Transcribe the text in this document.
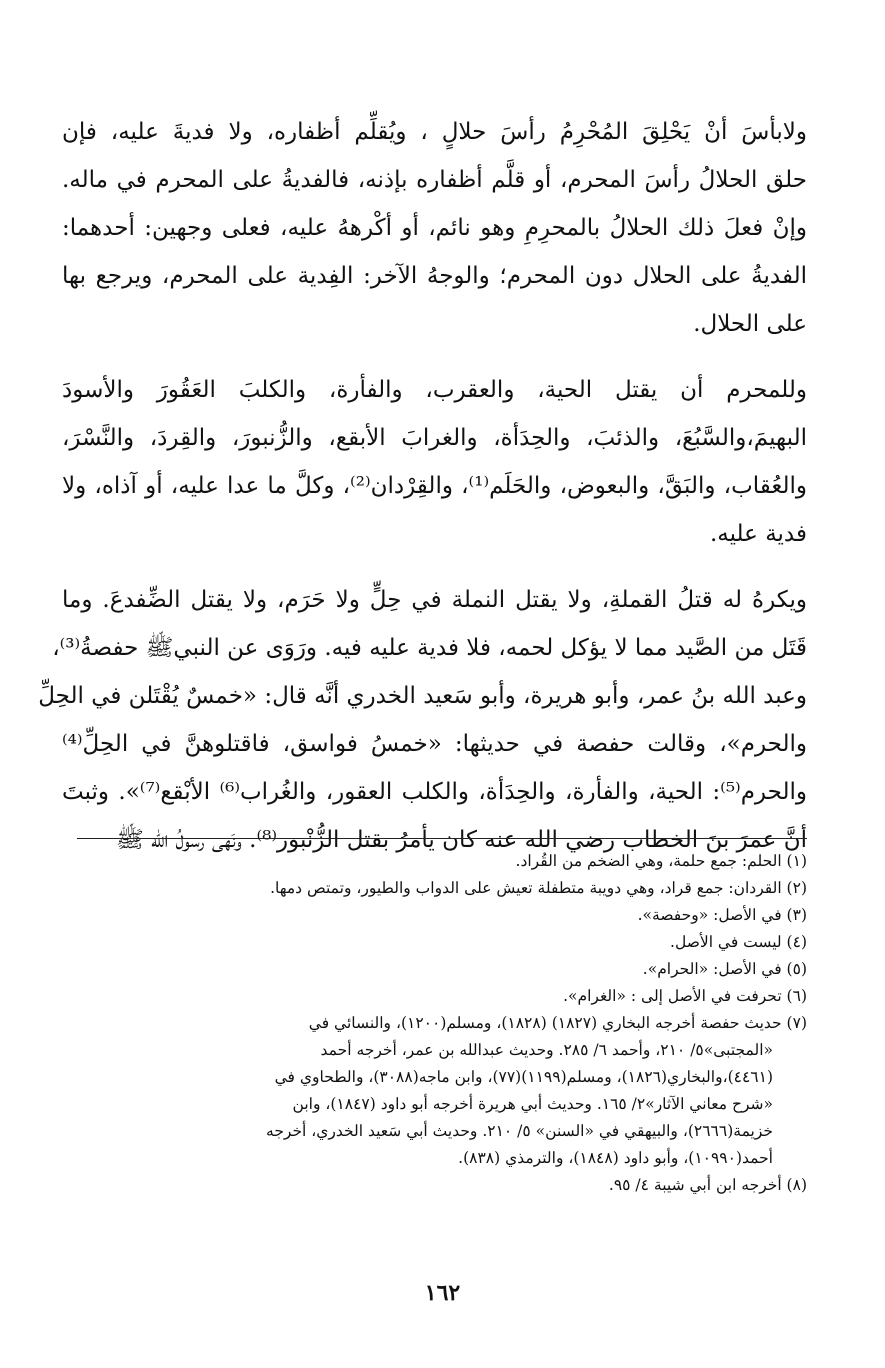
ولابأسَ أنْ يَحْلِقَ المُحْرِمُ رأسَ حلالٍ ، ويُقلِّم أظفاره، ولا فديةَ عليه، فإن
حلق الحلالُ رأسَ المحرم، أو قلَّم أظفاره بإذنه، فالفديةُ على المحرم في ماله.
وإنْ فعلَ ذلك الحلالُ بالمحرِمِ وهو نائم، أو أكْرههُ عليه، فعلى وجهين: أحدهما:
الفديةُ على الحلال دون المحرم؛ والوجهُ الآخر: الفِدية على المحرم، ويرجع بها
على الحلال.

وللمحرم أن يقتل الحية، والعقرب، والفأرة، والكلبَ العَقُورَ والأسودَ
البهيمَ،والسَّبُعَ، والذئبَ، والحِدَأة، والغرابَ الأبقع، والزُّنبورَ، والقِردَ، والنَّسْرَ،
والعُقاب، والبَقَّ، والبعوض، والحَلَم⁽¹⁾، والقِرْدان⁽²⁾، وكلَّ ما عدا عليه، أو آذاه، ولا
فدية عليه.

ويكرهُ له قتلُ القملةِ، ولا يقتل النملة في حِلٍّ ولا حَرَم، ولا يقتل الضِّفدعَ. وما
قَتَل من الصَّيد مما لا يؤكل لحمه، فلا فدية عليه فيه. ورَوَى عن النبيﷺ حفصةُ⁽³⁾،
وعبد الله بنُ عمر، وأبو هريرة، وأبو سَعيد الخدري أنَّه قال: «خمسٌ يُقْتَلن في الحِلِّ
والحرم»، وقالت حفصة في حديثها: «خمسُ فواسق، فاقتلوهنَّ في الحِلِّ⁽⁴⁾
والحرم⁽⁵⁾: الحية، والفأرة، والحِدَأة، والكلب العقور، والغُراب⁽⁶⁾ الأبْقع⁽⁷⁾». وثبتَ
أنَّ عمرَ بنَ الخطاب رضي الله عنه كان يأمرُ بقتل الزُّنْبور⁽⁸⁾. ونَهى رسولُ الله ﷺ

(١) الحلم: جمع حلمة، وهي الضخم من القُراد.
(٢) القردان: جمع قراد، وهي دويبة متطفلة تعيش على الدواب والطيور، وتمتص دمها.
(٣) في الأصل: «وحفصة».
(٤) ليست في الأصل.
(٥) في الأصل: «الحرام».
(٦) تحرفت في الأصل إلى : «الغرام».
(٧) حديث حفصة أخرجه البخاري (١٨٢٧) (١٨٢٨)، ومسلم(١٢٠٠)، والنسائي في
«المجتبى»٥/ ٢١٠، وأحمد ٦/ ٢٨٥. وحديث عبدالله بن عمر، أخرجه أحمد
(٤٤٦١)،والبخاري(١٨٢٦)، ومسلم(١١٩٩)(٧٧)، وابن ماجه(٣٠٨٨)، والطحاوي في
«شرح معاني الآثار»٢/ ١٦٥. وحديث أبي هريرة أخرجه أبو داود (١٨٤٧)، وابن
خزيمة(٢٦٦٦)، والبيهقي في «السنن» ٥/ ٢١٠. وحديث أبي سَعيد الخدري، أخرجه
أحمد(١٠٩٩٠)، وأبو داود (١٨٤٨)، والترمذي (٨٣٨).
(٨) أخرجه ابن أبي شيبة ٤/ ٩٥.
١٦٢
